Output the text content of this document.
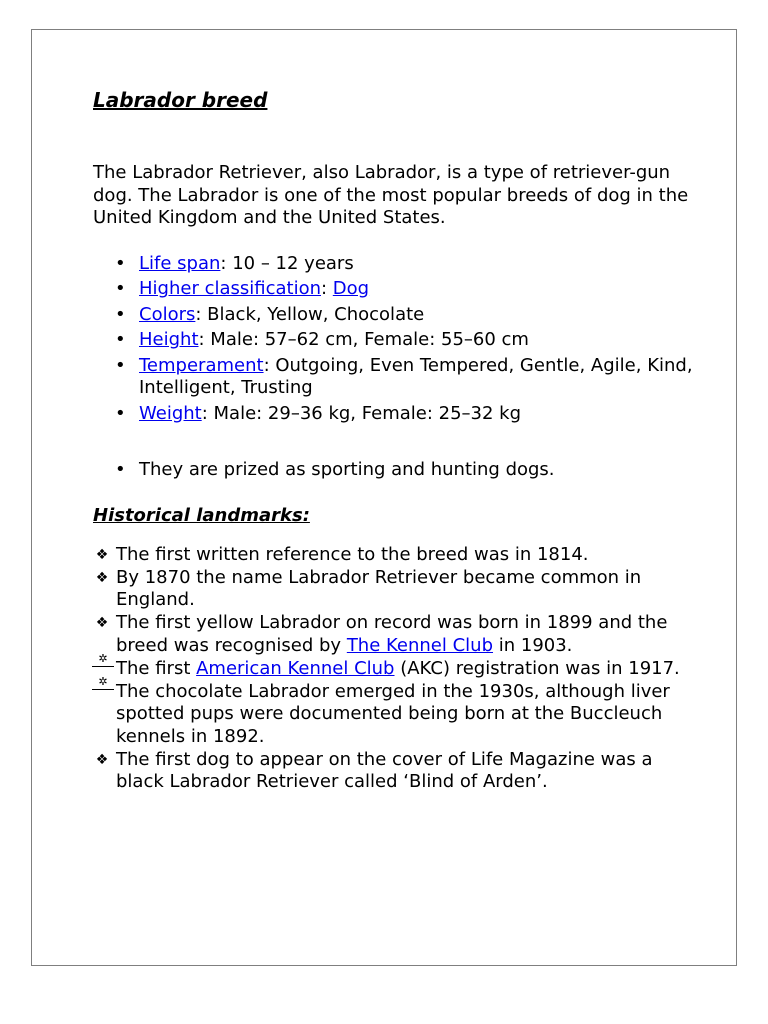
Labrador breed

The Labrador Retriever, also Labrador, is a type of retriever-gun dog. The Labrador is one of the most popular breeds of dog in the United Kingdom and the United States.

• Life span: 10 – 12 years
• Higher classification: Dog
• Colors: Black, Yellow, Chocolate
• Height: Male: 57–62 cm, Female: 55–60 cm
• Temperament: Outgoing, Even Tempered, Gentle, Agile, Kind, Intelligent, Trusting
• Weight: Male: 29–36 kg, Female: 25–32 kg
• They are prized as sporting and hunting dogs.

Historical landmarks:

❖ The first written reference to the breed was in 1814.
❖ By 1870 the name Labrador Retriever became common in England.
❖ The first yellow Labrador on record was born in 1899 and the breed was recognised by The Kennel Club in 1903.
✲ The first American Kennel Club (AKC) registration was in 1917.
✲ The chocolate Labrador emerged in the 1930s, although liver spotted pups were documented being born at the Buccleuch kennels in 1892.
❖ The first dog to appear on the cover of Life Magazine was a black Labrador Retriever called ‘Blind of Arden’.
